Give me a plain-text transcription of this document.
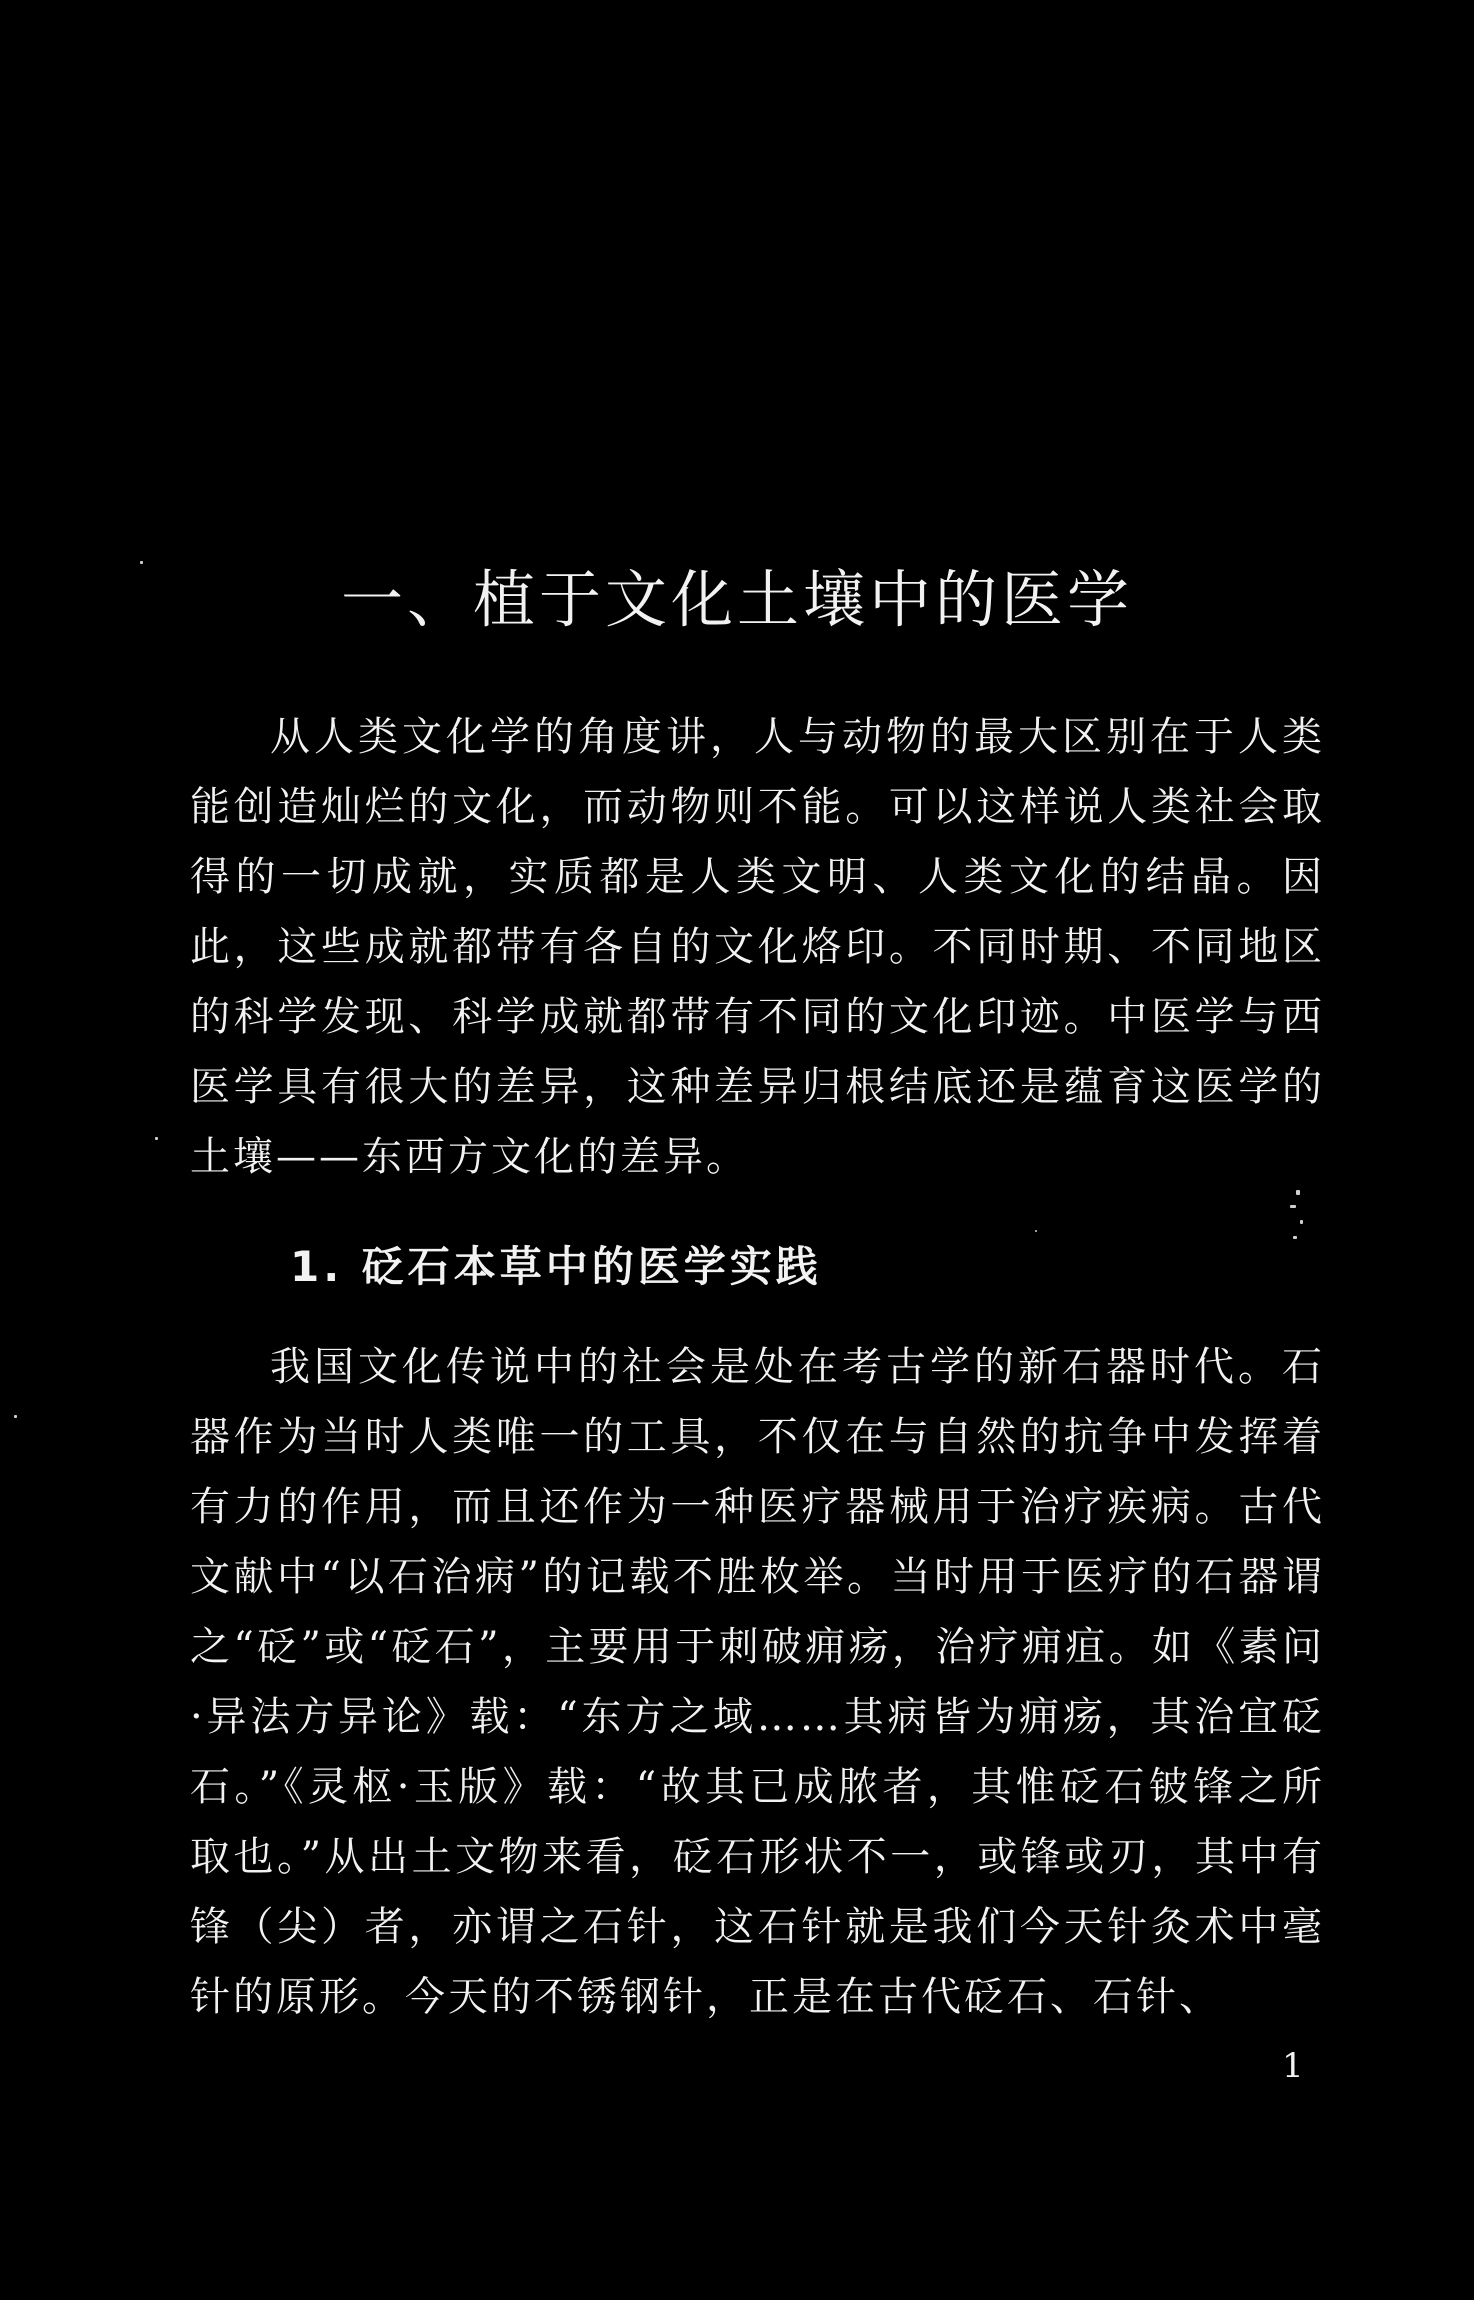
一、植于文化土壤中的医学

从人类文化学的角度讲，人与动物的最大区别在于人类能创造灿烂的文化，而动物则不能。可以这样说人类社会取得的一切成就，实质都是人类文明、人类文化的结晶。因此，这些成就都带有各自的文化烙印。不同时期、不同地区的科学发现、科学成就都带有不同的文化印迹。中医学与西医学具有很大的差异，这种差异归根结底还是蕴育这医学的土壤——东西方文化的差异。

1. 砭石本草中的医学实践

我国文化传说中的社会是处在考古学的新石器时代。石器作为当时人类唯一的工具，不仅在与自然的抗争中发挥着有力的作用，而且还作为一种医疗器械用于治疗疾病。古代文献中“以石治病”的记载不胜枚举。当时用于医疗的石器谓之“砭”或“砭石”，主要用于刺破痈疡，治疗痈疽。如《素问·异法方异论》载：“东方之域……其病皆为痈疡，其治宜砭石。”《灵枢·玉版》载：“故其已成脓者，其惟砭石铍锋之所取也。”从出土文物来看，砭石形状不一，或锋或刃，其中有锋（尖）者，亦谓之石针，这石针就是我们今天针灸术中毫针的原形。今天的不锈钢针，正是在古代砭石、石针、

1
